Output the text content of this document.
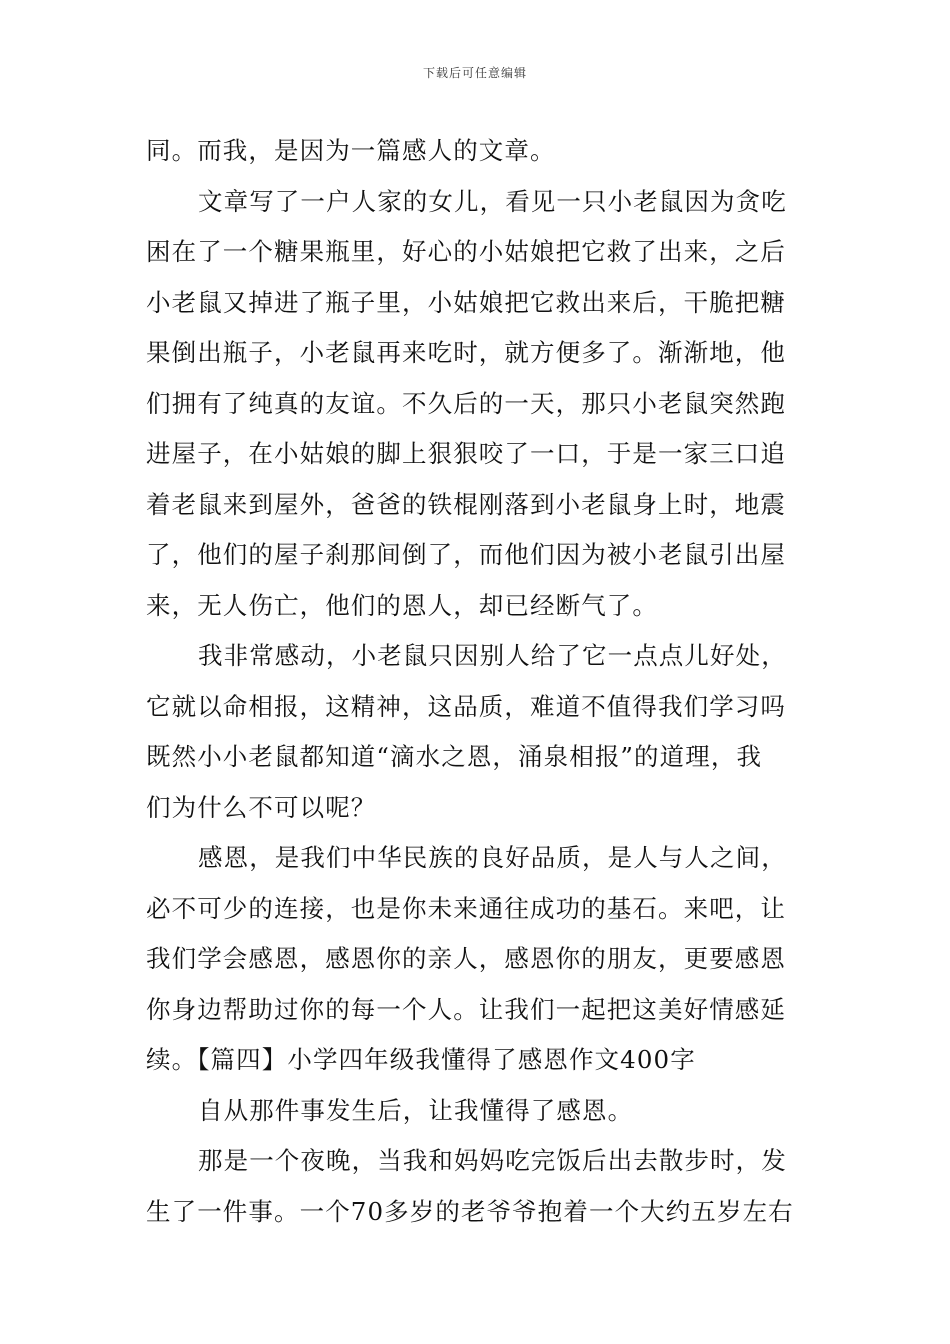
下载后可任意编辑
同。而我，是因为一篇感人的文章。
文章写了一户人家的女儿，看见一只小老鼠因为贪吃
困在了一个糖果瓶里，好心的小姑娘把它救了出来，之后
小老鼠又掉进了瓶子里，小姑娘把它救出来后，干脆把糖
果倒出瓶子，小老鼠再来吃时，就方便多了。渐渐地，他
们拥有了纯真的友谊。不久后的一天，那只小老鼠突然跑
进屋子，在小姑娘的脚上狠狠咬了一口，于是一家三口追
着老鼠来到屋外，爸爸的铁棍刚落到小老鼠身上时，地震
了，他们的屋子刹那间倒了，而他们因为被小老鼠引出屋
来，无人伤亡，他们的恩人，却已经断气了。
我非常感动，小老鼠只因别人给了它一点点儿好处，
它就以命相报，这精神，这品质，难道不值得我们学习吗
既然小小老鼠都知道“滴水之恩，涌泉相报”的道理，我
们为什么不可以呢？
感恩，是我们中华民族的良好品质，是人与人之间，
必不可少的连接，也是你未来通往成功的基石。来吧，让
我们学会感恩，感恩你的亲人，感恩你的朋友，更要感恩
你身边帮助过你的每一个人。让我们一起把这美好情感延
续。【篇四】小学四年级我懂得了感恩作文400字
自从那件事发生后，让我懂得了感恩。
那是一个夜晚，当我和妈妈吃完饭后出去散步时，发
生了一件事。一个70多岁的老爷爷抱着一个大约五岁左右
